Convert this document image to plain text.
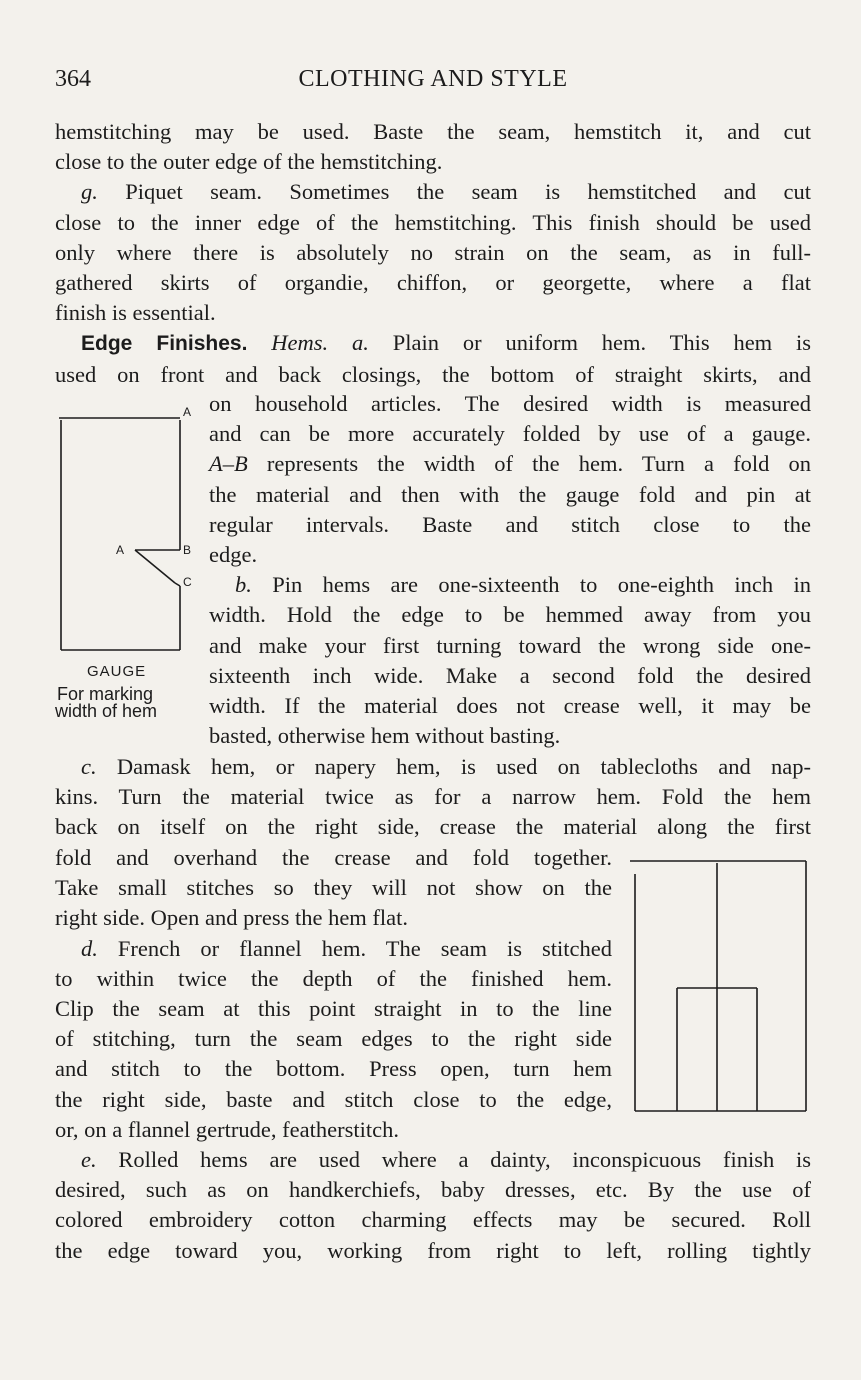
364	CLOTHING AND STYLE
hemstitching may be used. Baste the seam, hemstitch it, and cut
close to the outer edge of the hemstitching.
g. Piquet seam. Sometimes the seam is hemstitched and cut
close to the inner edge of the hemstitching. This finish should be used
only where there is absolutely no strain on the seam, as in full-
gathered skirts of organdie, chiffon, or georgette, where a flat
finish is essential.
Edge Finishes. Hems. a. Plain or uniform hem. This hem is
used on front and back closings, the bottom of straight skirts, and
A
A	B
C
GAUGE
For marking
width of hem
on household articles. The desired width is measured
and can be more accurately folded by use of a gauge.
A–B represents the width of the hem. Turn a fold on
the material and then with the gauge fold and pin at
regular intervals. Baste and stitch close to the
edge.
b. Pin hems are one-sixteenth to one-eighth inch in
width. Hold the edge to be hemmed away from you
and make your first turning toward the wrong side one-
sixteenth inch wide. Make a second fold the desired
width. If the material does not crease well, it may be
basted, otherwise hem without basting.
c. Damask hem, or napery hem, is used on tablecloths and nap-
kins. Turn the material twice as for a narrow hem. Fold the hem
back on itself on the right side, crease the material along the first
fold and overhand the crease and fold together.
Take small stitches so they will not show on the
right side. Open and press the hem flat.
d. French or flannel hem. The seam is stitched
to within twice the depth of the finished hem.
Clip the seam at this point straight in to the line
of stitching, turn the seam edges to the right side
and stitch to the bottom. Press open, turn hem
the right side, baste and stitch close to the edge,
or, on a flannel gertrude, featherstitch.
e. Rolled hems are used where a dainty, inconspicuous finish is
desired, such as on handkerchiefs, baby dresses, etc. By the use of
colored embroidery cotton charming effects may be secured. Roll
the edge toward you, working from right to left, rolling tightly
